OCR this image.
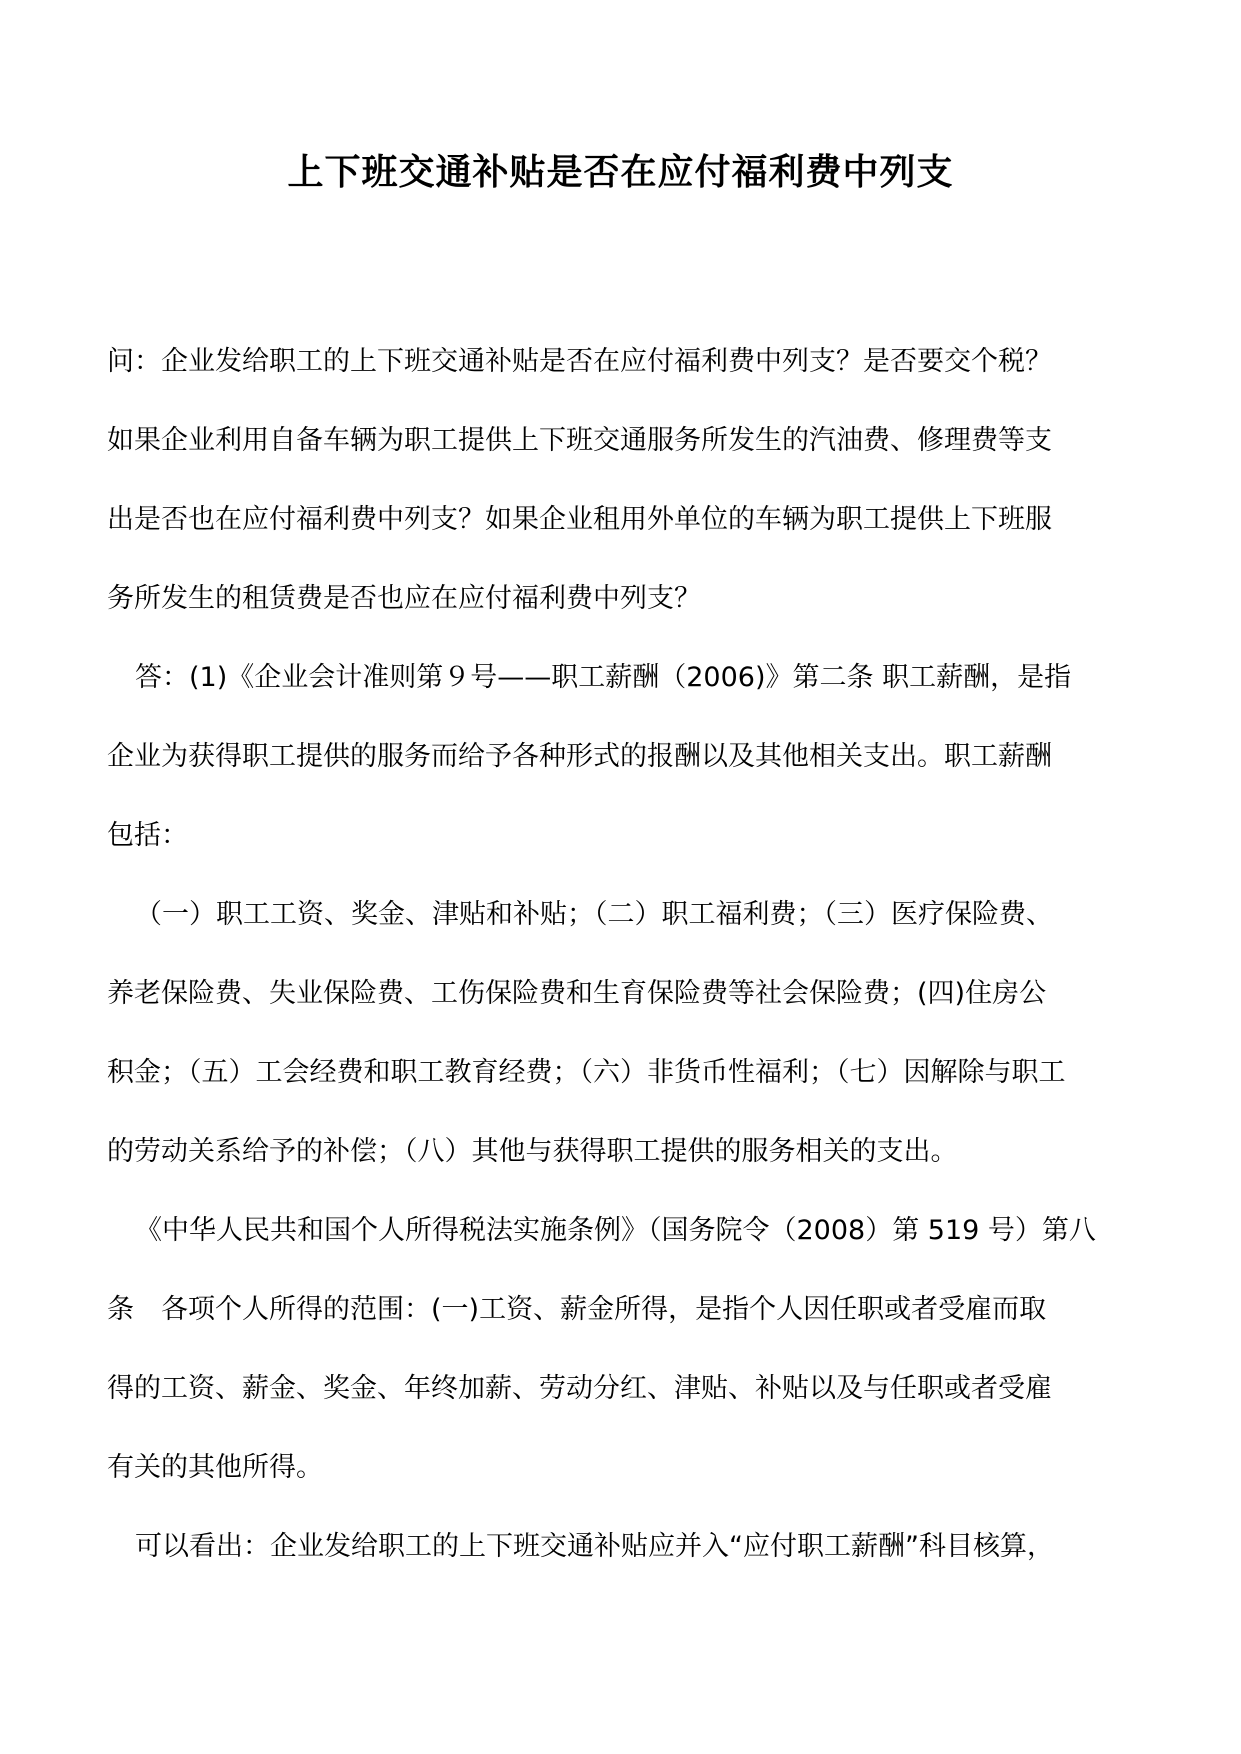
上下班交通补贴是否在应付福利费中列支
问：企业发给职工的上下班交通补贴是否在应付福利费中列支？是否要交个税？
如果企业利用自备车辆为职工提供上下班交通服务所发生的汽油费、修理费等支
出是否也在应付福利费中列支？如果企业租用外单位的车辆为职工提供上下班服
务所发生的租赁费是否也应在应付福利费中列支？
答：(1)《企业会计准则第９号——职工薪酬（2006)》第二条 职工薪酬，是指
企业为获得职工提供的服务而给予各种形式的报酬以及其他相关支出。职工薪酬
包括：
（一）职工工资、奖金、津贴和补贴；（二）职工福利费；（三）医疗保险费、
养老保险费、失业保险费、工伤保险费和生育保险费等社会保险费；(四)住房公
积金；（五）工会经费和职工教育经费；（六）非货币性福利；（七）因解除与职工
的劳动关系给予的补偿；（八）其他与获得职工提供的服务相关的支出。
《中华人民共和国个人所得税法实施条例》（国务院令（2008）第 519 号）第八
条　各项个人所得的范围：(一)工资、薪金所得，是指个人因任职或者受雇而取
得的工资、薪金、奖金、年终加薪、劳动分红、津贴、补贴以及与任职或者受雇
有关的其他所得。
可以看出：企业发给职工的上下班交通补贴应并入“应付职工薪酬”科目核算，
